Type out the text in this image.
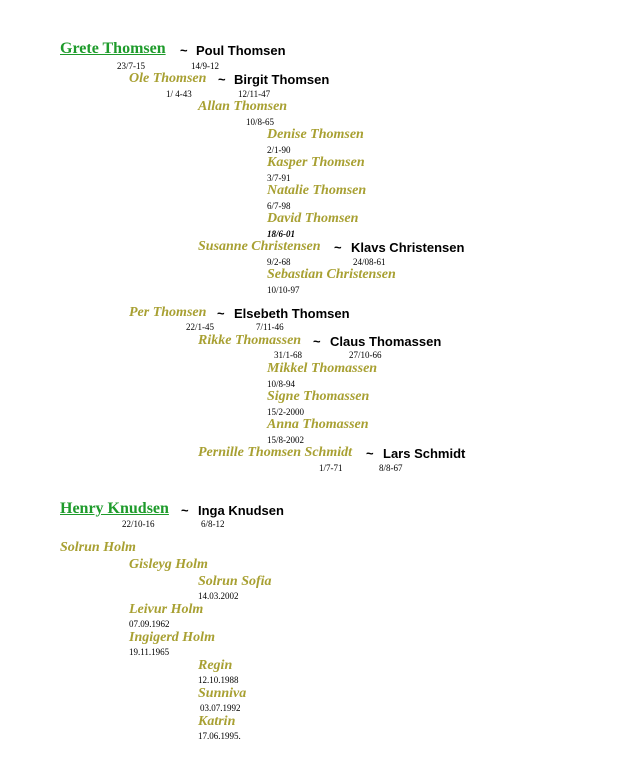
Grete Thomsen ~ Poul Thomsen
23/7-15	14/9-12
Ole Thomsen ~ Birgit Thomsen
1/ 4-43	12/11-47
Allan Thomsen
10/8-65
Denise Thomsen
2/1-90
Kasper Thomsen
3/7-91
Natalie Thomsen
6/7-98
David Thomsen
18/6-01
Susanne Christensen ~ Klavs Christensen
9/2-68	24/08-61
Sebastian Christensen
10/10-97
Per Thomsen ~ Elsebeth Thomsen
22/1-45	7/11-46
Rikke Thomassen ~ Claus Thomassen
31/1-68	27/10-66
Mikkel Thomassen
10/8-94
Signe Thomassen
15/2-2000
Anna Thomassen
15/8-2002
Pernille Thomsen Schmidt ~ Lars Schmidt
1/7-71	8/8-67
Henry Knudsen ~ Inga Knudsen
22/10-16	6/8-12
Solrun Holm
Gisleyg Holm
Solrun Sofia
14.03.2002
Leivur Holm
07.09.1962
Ingigerd Holm
19.11.1965
Regin
12.10.1988
Sunniva
03.07.1992
Katrin
17.06.1995.
